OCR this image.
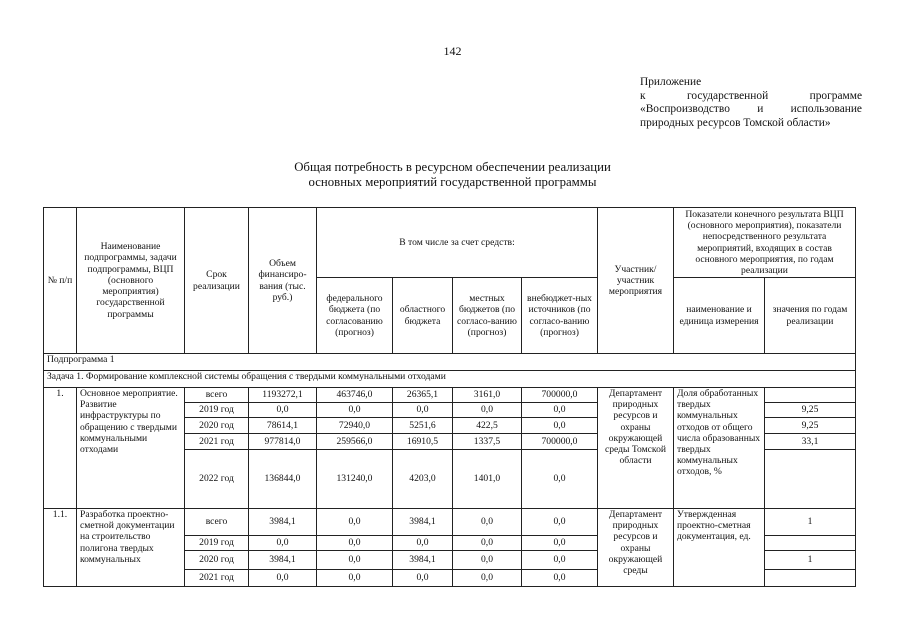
142
Приложение
к государственной программе
«Воспроизводство и использование
природных ресурсов Томской области»
Общая потребность в ресурсном обеспечении реализации
основных мероприятий государственной программы
№ п/п	Наименование подпрограммы, задачи подпрограммы, ВЦП (основного мероприятия) государственной программы	Срок реализации	Объем финансиро-вания (тыс. руб.)	В том числе за счет средств:				Участник/ участник мероприятия	Показатели конечного результата ВЦП (основного мероприятия), показатели непосредственного результата мероприятий, входящих в состав основного мероприятия, по годам реализации	
				федерального бюджета (по согласованию (прогноз)	областного бюджета	местных бюджетов (по согласо-ванию (прогноз)	внебюджет-ных источников (по согласо-ванию (прогноз)		наименование и единица измерения	значения по годам реализации
Подпрограмма 1										
Задача 1. Формирование комплексной системы обращения с твердыми коммунальными отходами										
1.	Основное мероприятие. Развитие инфраструктуры по обращению с твердыми коммунальными отходами	всего	1193272,1	463746,0	26365,1	3161,0	700000,0	Департамент природных ресурсов и охраны окружающей среды Томской области	Доля обработанных твердых коммунальных отходов от общего числа образованных твердых коммунальных отходов, %	
		2019 год	0,0	0,0	0,0	0,0	0,0			9,25
		2020 год	78614,1	72940,0	5251,6	422,5	0,0			9,25
		2021 год	977814,0	259566,0	16910,5	1337,5	700000,0			33,1
		2022 год	136844,0	131240,0	4203,0	1401,0	0,0			
1.1.	Разработка проектно-сметной документации на строительство полигона твердых коммунальных	всего	3984,1	0,0	3984,1	0,0	0,0	Департамент природных ресурсов и охраны окружающей среды	Утвержденная проектно-сметная документация, ед.	1
		2019 год	0,0	0,0	0,0	0,0	0,0			
		2020 год	3984,1	0,0	3984,1	0,0	0,0			1
		2021 год	0,0	0,0	0,0	0,0	0,0			
